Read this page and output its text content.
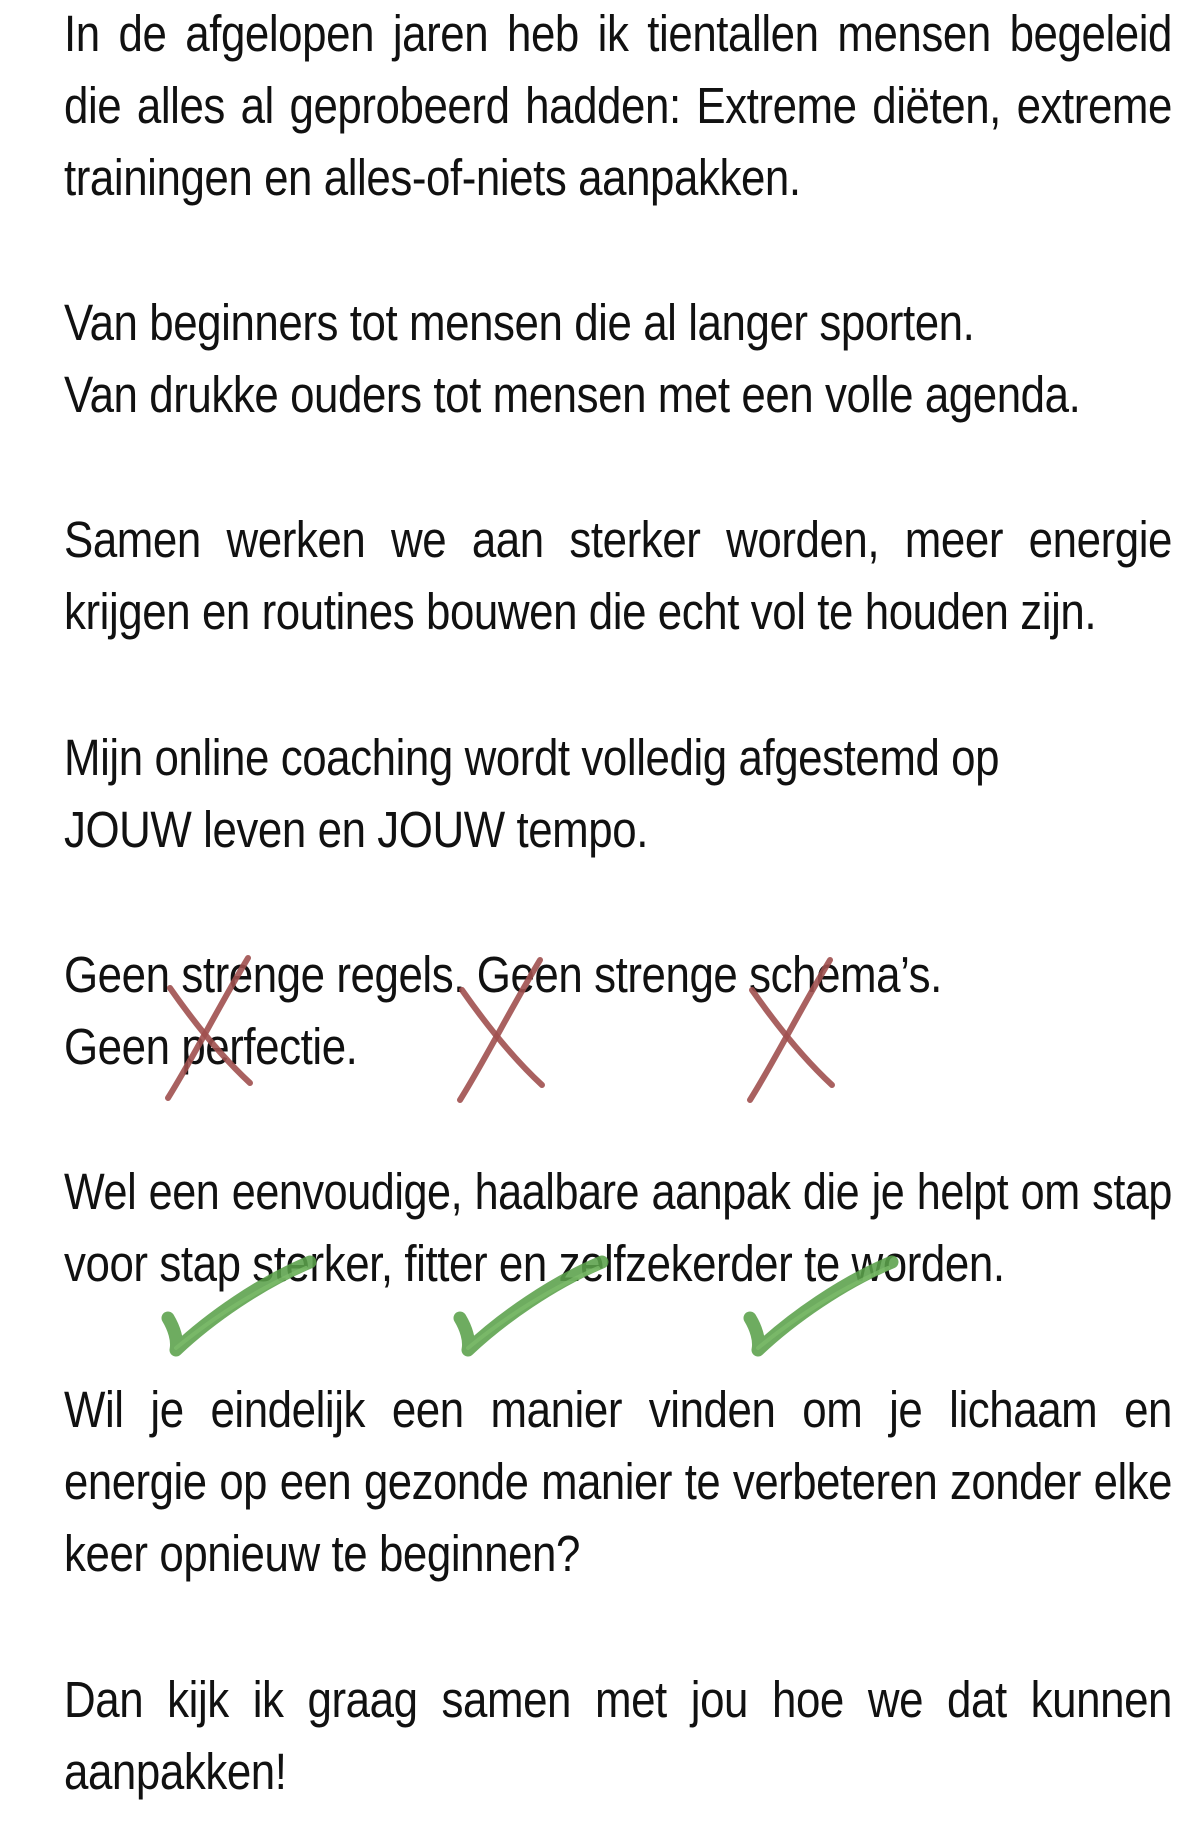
In de afgelopen jaren heb ik tientallen mensen begeleid
die alles al geprobeerd hadden: Extreme diëten, extreme
trainingen en alles-of-niets aanpakken.
Van beginners tot mensen die al langer sporten.
Van drukke ouders tot mensen met een volle agenda.
Samen werken we aan sterker worden, meer energie
krijgen en routines bouwen die echt vol te houden zijn.
Mijn online coaching wordt volledig afgestemd op
JOUW leven en JOUW tempo.
Geen strenge regels. Geen strenge schema’s.
Geen perfectie.
Wel een eenvoudige, haalbare aanpak die je helpt om stap
voor stap sterker, fitter en zelfzekerder te worden.
Wil je eindelijk een manier vinden om je lichaam en
energie op een gezonde manier te verbeteren zonder elke
keer opnieuw te beginnen?
Dan kijk ik graag samen met jou hoe we dat kunnen
aanpakken!
